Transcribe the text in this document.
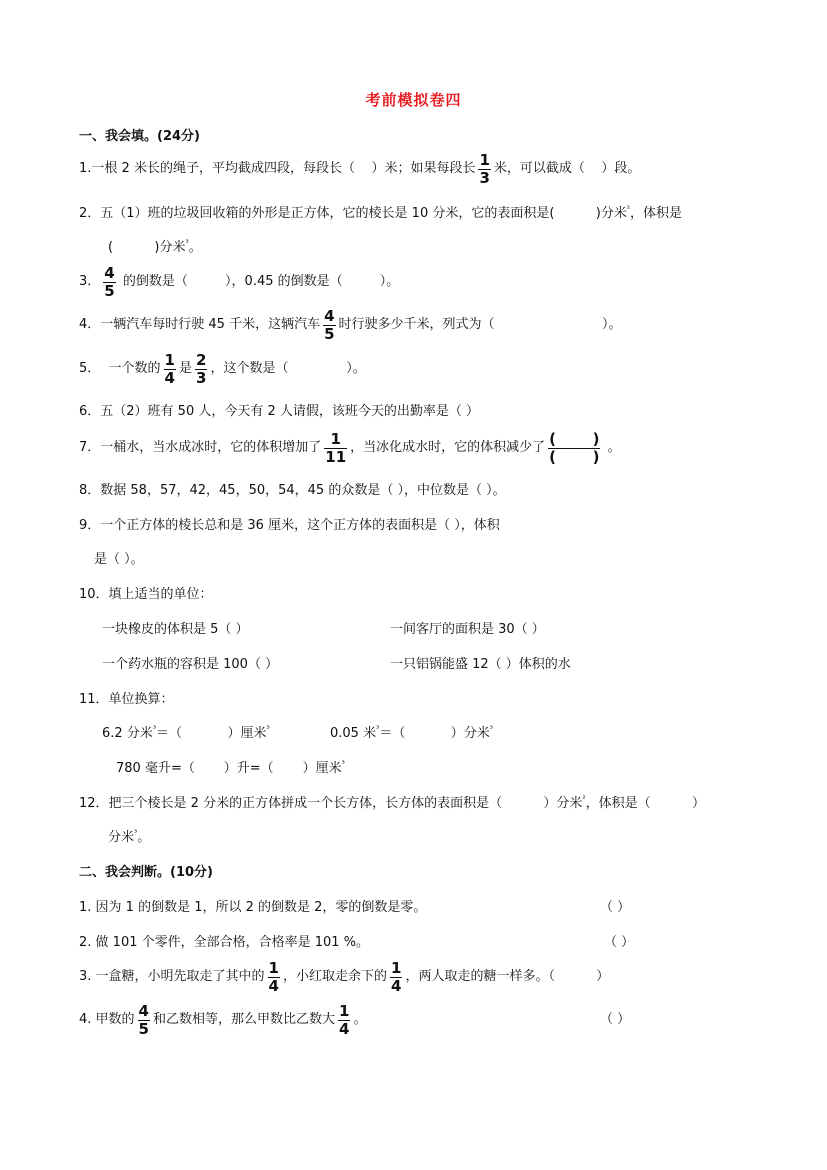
考前模拟卷四
一、我会填。(24分)
1.一根 2 米长的绳子，平均截成四段，每段长（    ）米；如果每段长 $\frac{1}{3}$ 米，可以截成（    ）段。
2．五（1）班的垃圾回收箱的外形是正方体，它的棱长是 10 分米，它的表面积是(          )分米 ² ，体积是
(          )分米 ³ 。
3． $\frac{4}{5}$ 的倒数是（         ），0.45 的倒数是（         ）。
4．一辆汽车每时行驶 45 千米，这辆汽车 $\frac{4}{5}$ 时行驶多少千米，列式为（                          ）。
5．  一个数的 $\frac{1}{4}$ 是 $\frac{2}{3}$ ，这个数是（              ）。
6．五（2）班有 50 人，今天有 2 人请假，该班今天的出勤率是（ ）
7．一桶水，当水成冰时，它的体积增加了 $\frac{1}{11}$ ，当冰化成水时，它的体积减少了 $\frac{( )}{( )}$ 。
8．数据 58，57，42，45，50，54，45 的众数是（ ），中位数是（ ）。
9．一个正方体的棱长总和是 36 厘米，这个正方体的表面积是（ ），体积
是（ ）。
10．填上适当的单位：
一块橡皮的体积是 5（ ）	一间客厅的面积是 30（ ）
一个药水瓶的容积是 100（ ）	一只铝锅能盛 12（ ）体积的水
11．单位换算：
6.2 分米 ³ ＝（           ）厘米 ³	0.05 米 ³ ＝（           ）分米 ³
780 毫升=（       ）升=（       ）厘米 ³
12．把三个棱长是 2 分米的正方体拼成一个长方体，长方体的表面积是（          ）分米 ² ，体积是（          ）
分米 ³ 。
二、我会判断。(10分)
1. 因为 1 的倒数是 1，所以 2 的倒数是 2，零的倒数是零。	（ ）
2. 做 101 个零件，全部合格，合格率是 101 %。	（ ）
3. 一盒糖，小明先取走了其中的 $\frac{1}{4}$ ，小红取走余下的 $\frac{1}{4}$ ，两人取走的糖一样多。（          ）
4. 甲数的 $\frac{4}{5}$ 和乙数相等，那么甲数比乙数大 $\frac{1}{4}$ 。	（ ）
